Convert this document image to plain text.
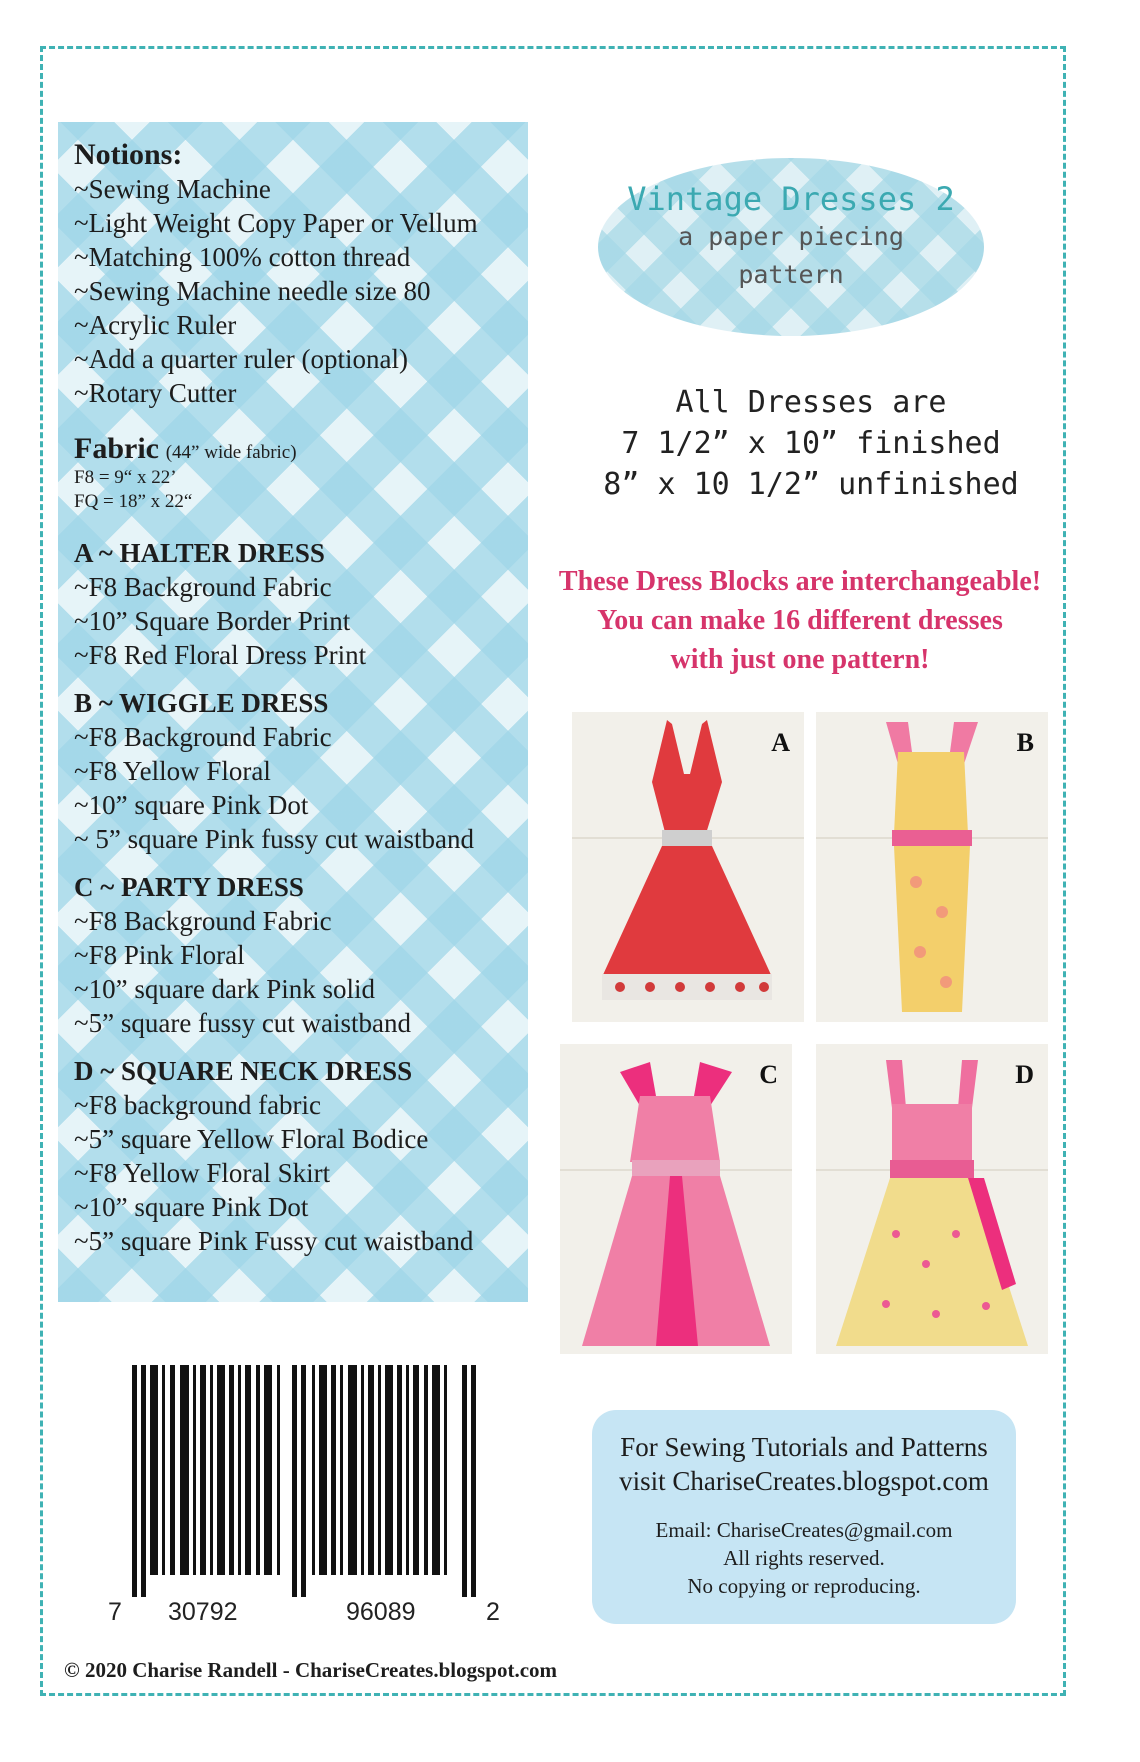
Notions:
~Sewing Machine
~Light Weight Copy Paper or Vellum
~Matching 100% cotton thread
~Sewing Machine needle size 80
~Acrylic Ruler
~Add a quarter ruler (optional)
~Rotary Cutter
Fabric (44” wide fabric)
F8 = 9“ x 22’
FQ = 18” x 22“
A ~ HALTER DRESS
~F8 Background Fabric
~10” Square Border Print
~F8 Red Floral Dress Print
B ~ WIGGLE DRESS
~F8 Background Fabric
~F8 Yellow Floral
~10” square Pink Dot
~ 5” square Pink fussy cut waistband
C ~ PARTY DRESS
~F8 Background Fabric
~F8 Pink Floral
~10” square dark Pink solid
~5” square fussy cut waistband
D ~ SQUARE NECK DRESS
~F8 background fabric
~5” square Yellow Floral Bodice
~F8 Yellow Floral Skirt
~10” square Pink Dot
~5” square Pink Fussy cut waistband
Vintage Dresses 2
a paper piecing
pattern
All Dresses are
7 1/2” x 10” finished
8” x 10 1/2” unfinished
These Dress Blocks are interchangeable!
You can make 16 different dresses
with just one pattern!
A	B
C	D
7 30792	96089	2
For Sewing Tutorials and Patterns
visit ChariseCreates.blogspot.com
Email: ChariseCreates@gmail.com
All rights reserved.
No copying or reproducing.
© 2020 Charise Randell - ChariseCreates.blogspot.com
